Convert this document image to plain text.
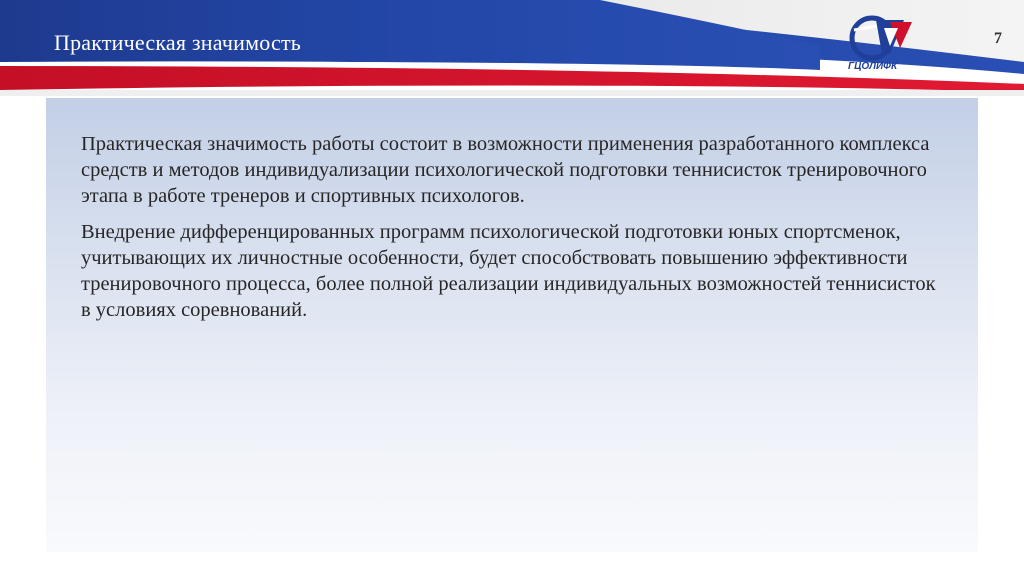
Практическая значимость
ГЦОЛИФК
7

Практическая значимость работы состоит в возможности применения разработанного комплекса средств и методов индивидуализации психологической подготовки теннисисток тренировочного этапа в работе тренеров и спортивных психологов.

Внедрение дифференцированных программ психологической подготовки юных спортсменок, учитывающих их личностные особенности, будет способствовать повышению эффективности тренировочного процесса, более полной реализации индивидуальных возможностей теннисисток в условиях соревнований.
